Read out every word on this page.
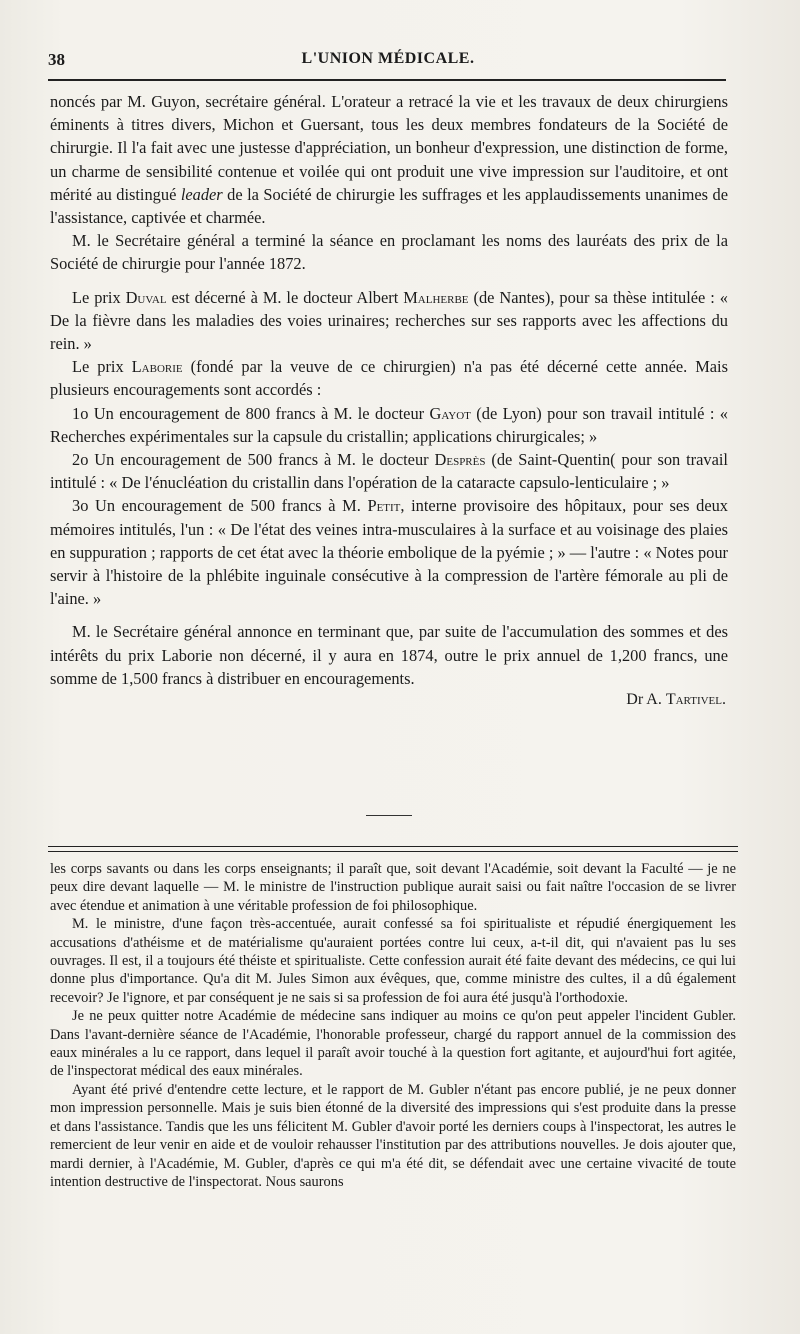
38	L'UNION MÉDICALE.

noncés par M. Guyon, secrétaire général. L'orateur a retracé la vie et les travaux de deux chirurgiens éminents à titres divers, Michon et Guersant, tous les deux membres fondateurs de la Société de chirurgie. Il l'a fait avec une justesse d'appréciation, un bonheur d'expression, une distinction de forme, un charme de sensibilité contenue et voilée qui ont produit une vive impression sur l'auditoire, et ont mérité au distingué leader de la Société de chirurgie les suffrages et les applaudissements unanimes de l'assistance, captivée et charmée.

M. le Secrétaire général a terminé la séance en proclamant les noms des lauréats des prix de la Société de chirurgie pour l'année 1872.

Le prix Duval est décerné à M. le docteur Albert Malherbe (de Nantes), pour sa thèse intitulée : « De la fièvre dans les maladies des voies urinaires; recherches sur ses rapports avec les affections du rein. »

Le prix Laborie (fondé par la veuve de ce chirurgien) n'a pas été décerné cette année. Mais plusieurs encouragements sont accordés :

1o Un encouragement de 800 francs à M. le docteur Gayot (de Lyon) pour son travail intitulé : « Recherches expérimentales sur la capsule du cristallin; applications chirurgicales; »

2o Un encouragement de 500 francs à M. le docteur Desprès (de Saint-Quentin( pour son travail intitulé : « De l'énucléation du cristallin dans l'opération de la cataracte capsulo-lenticulaire ; »

3o Un encouragement de 500 francs à M. Petit, interne provisoire des hôpitaux, pour ses deux mémoires intitulés, l'un : « De l'état des veines intra-musculaires à la surface et au voisinage des plaies en suppuration ; rapports de cet état avec la théorie embolique de la pyémie ; » — l'autre : « Notes pour servir à l'histoire de la phlébite inguinale consécutive à la compression de l'artère fémorale au pli de l'aine. »

M. le Secrétaire général annonce en terminant que, par suite de l'accumulation des sommes et des intérêts du prix Laborie non décerné, il y aura en 1874, outre le prix annuel de 1,200 francs, une somme de 1,500 francs à distribuer en encouragements.

Dr A. Tartivel.

les corps savants ou dans les corps enseignants; il paraît que, soit devant l'Académie, soit devant la Faculté — je ne peux dire devant laquelle — M. le ministre de l'instruction publique aurait saisi ou fait naître l'occasion de se livrer avec étendue et animation à une véritable profession de foi philosophique.

M. le ministre, d'une façon très-accentuée, aurait confessé sa foi spiritualiste et répudié énergiquement les accusations d'athéisme et de matérialisme qu'auraient portées contre lui ceux, a-t-il dit, qui n'avaient pas lu ses ouvrages. Il est, il a toujours été théiste et spiritualiste. Cette confession aurait été faite devant des médecins, ce qui lui donne plus d'importance. Qu'a dit M. Jules Simon aux évêques, que, comme ministre des cultes, il a dû également recevoir? Je l'ignore, et par conséquent je ne sais si sa profession de foi aura été jusqu'à l'orthodoxie.

Je ne peux quitter notre Académie de médecine sans indiquer au moins ce qu'on peut appeler l'incident Gubler. Dans l'avant-dernière séance de l'Académie, l'honorable professeur, chargé du rapport annuel de la commission des eaux minérales a lu ce rapport, dans lequel il paraît avoir touché à la question fort agitante, et aujourd'hui fort agitée, de l'inspectorat médical des eaux minérales.

Ayant été privé d'entendre cette lecture, et le rapport de M. Gubler n'étant pas encore publié, je ne peux donner mon impression personnelle. Mais je suis bien étonné de la diversité des impressions qui s'est produite dans la presse et dans l'assistance. Tandis que les uns félicitent M. Gubler d'avoir porté les derniers coups à l'inspectorat, les autres le remercient de leur venir en aide et de vouloir rehausser l'institution par des attributions nouvelles. Je dois ajouter que, mardi dernier, à l'Académie, M. Gubler, d'après ce qui m'a été dit, se défendait avec une certaine vivacité de toute intention destructive de l'inspectorat. Nous saurons
